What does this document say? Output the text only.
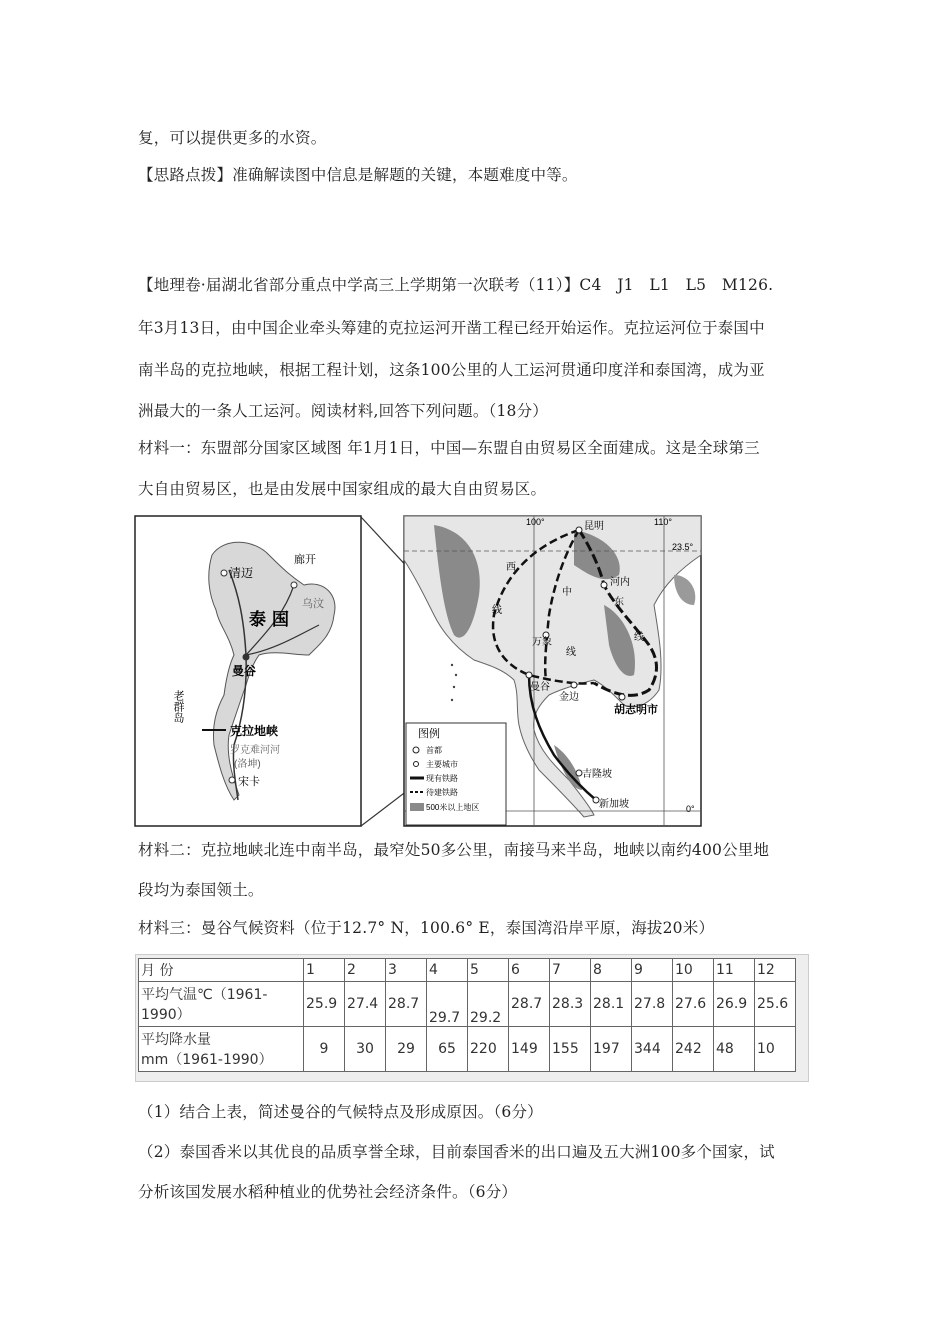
复，可以提供更多的水资。
【思路点拨】准确解读图中信息是解题的关键，本题难度中等。
【地理卷·届湖北省部分重点中学高三上学期第一次联考（11）】C4　J1　L1　L5　M126.
年3月13日，由中国企业牵头筹建的克拉运河开凿工程已经开始运作。克拉运河位于泰国中
南半岛的克拉地峡，根据工程计划，这条100公里的人工运河贯通印度洋和泰国湾，成为亚
洲最大的一条人工运河。阅读材料,回答下列问题。（18分）
材料一：东盟部分国家区域图 年1月1日，中国—东盟自由贸易区全面建成。这是全球第三
大自由贸易区，也是由发展中国家组成的最大自由贸易区。
清迈
廊开
乌汶
泰国
曼谷
老群岛
克拉地峡
罗克难河河
(洛坤)
宋卡
100°	110°
23.5°
0°
昆明
河内
万象
曼谷
金边
胡志明市
吉隆坡
新加坡
西
线
中
线
东
线
图例
首都
主要城市
现有铁路
待建铁路
500米以上地区
材料二：克拉地峡北连中南半岛，最窄处50多公里，南接马来半岛，地峡以南约400公里地
段均为泰国领土。
材料三：曼谷气候资料（位于12.7° N，100.6° E，泰国湾沿岸平原，海拔20米）
月 份	1	2	3	4	5	6	7	8	9	10	11	12

平均气温℃（1961-
1990）	25.9	27.4	28.7	29.7	29.2	28.7	28.3	28.1	27.8	27.6	26.9	25.6

平均降水量
mm（1961-1990）	9	30	29	65	220	149	155	197	344	242	48	10
（1）结合上表，简述曼谷的气候特点及形成原因。（6分）
（2）泰国香米以其优良的品质享誉全球，目前泰国香米的出口遍及五大洲100多个国家，试
分析该国发展水稻种植业的优势社会经济条件。（6分）
